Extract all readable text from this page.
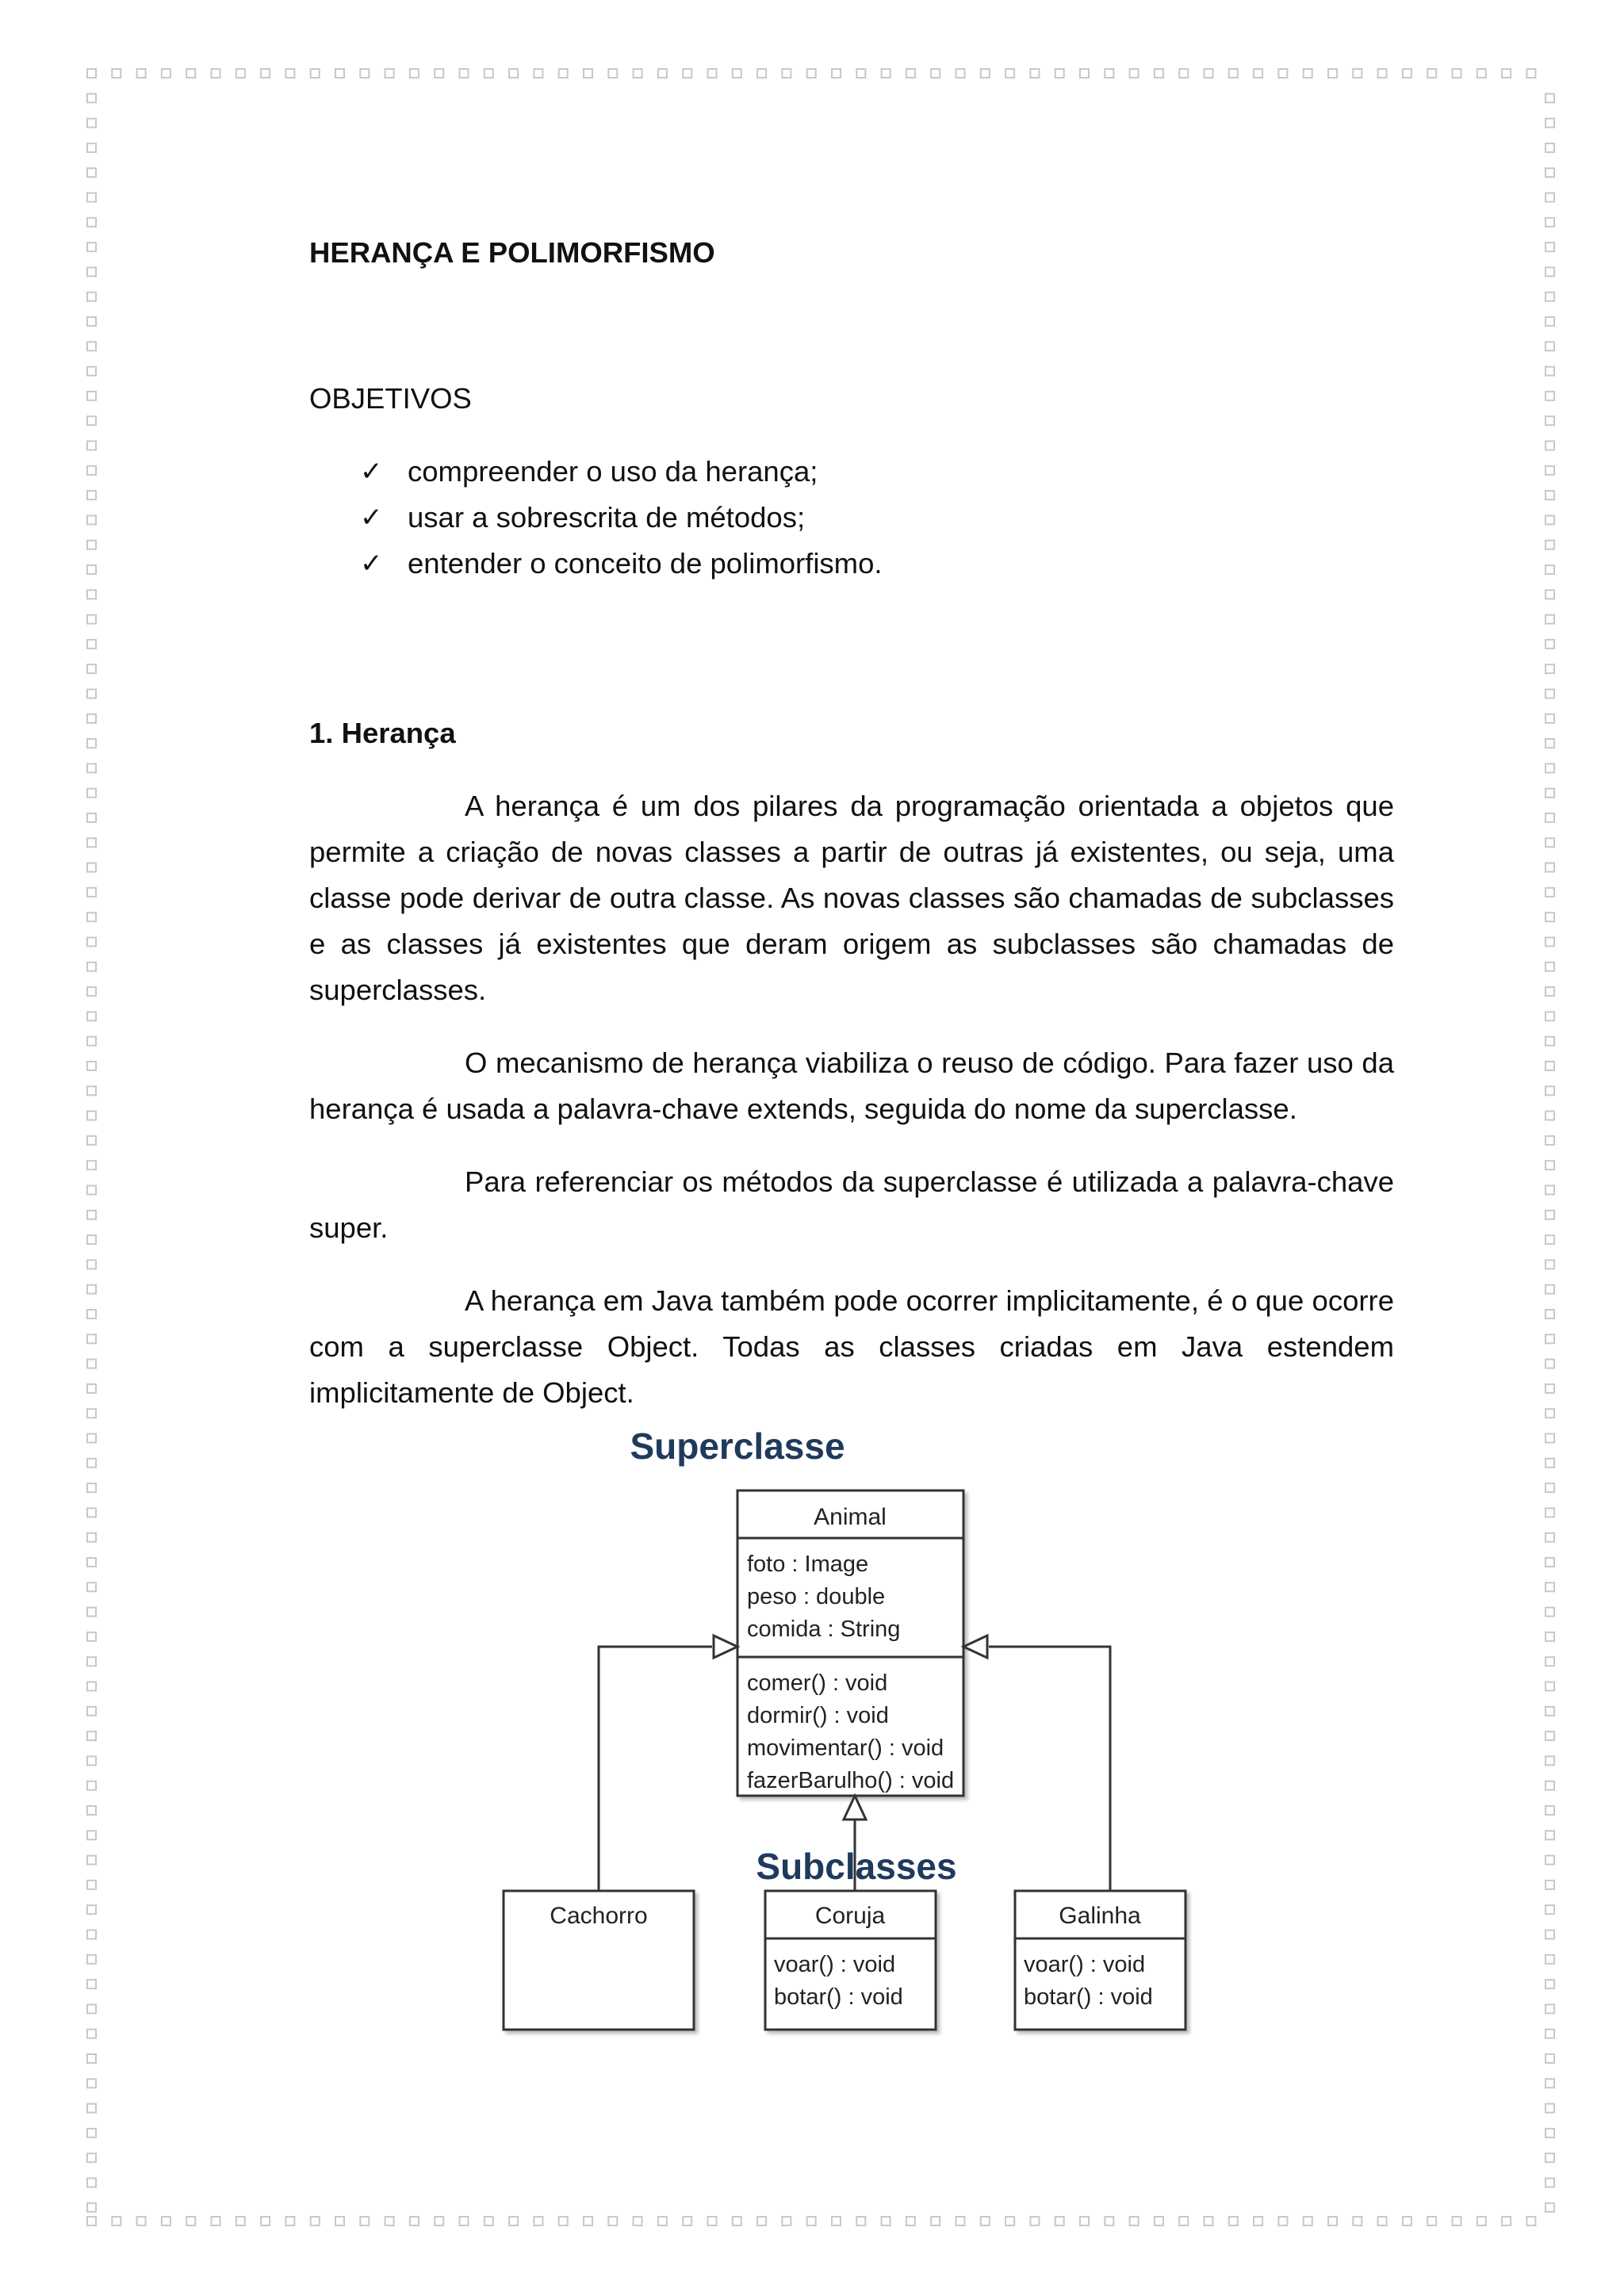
HERANÇA E POLIMORFISMO

OBJETIVOS

✓ compreender o uso da herança;
✓ usar a sobrescrita de métodos;
✓ entender o conceito de polimorfismo.

1. Herança

A herança é um dos pilares da programação orientada a objetos que permite a criação de novas classes a partir de outras já existentes, ou seja, uma classe pode derivar de outra classe. As novas classes são chamadas de subclasses e as classes já existentes que deram origem as subclasses são chamadas de superclasses.

O mecanismo de herança viabiliza o reuso de código. Para fazer uso da herança é usada a palavra-chave extends, seguida do nome da superclasse.

Para referenciar os métodos da superclasse é utilizada a palavra-chave super.

A herança em Java também pode ocorrer implicitamente, é o que ocorre com a superclasse Object. Todas as classes criadas em Java estendem implicitamente de Object.

Superclasse
Animal
foto : Image
peso : double
comida : String
comer() : void
dormir() : void
movimentar() : void
fazerBarulho() : void
Subclasses
Cachorro	Coruja
voar() : void
botar() : void
Galinha
voar() : void
botar() : void
